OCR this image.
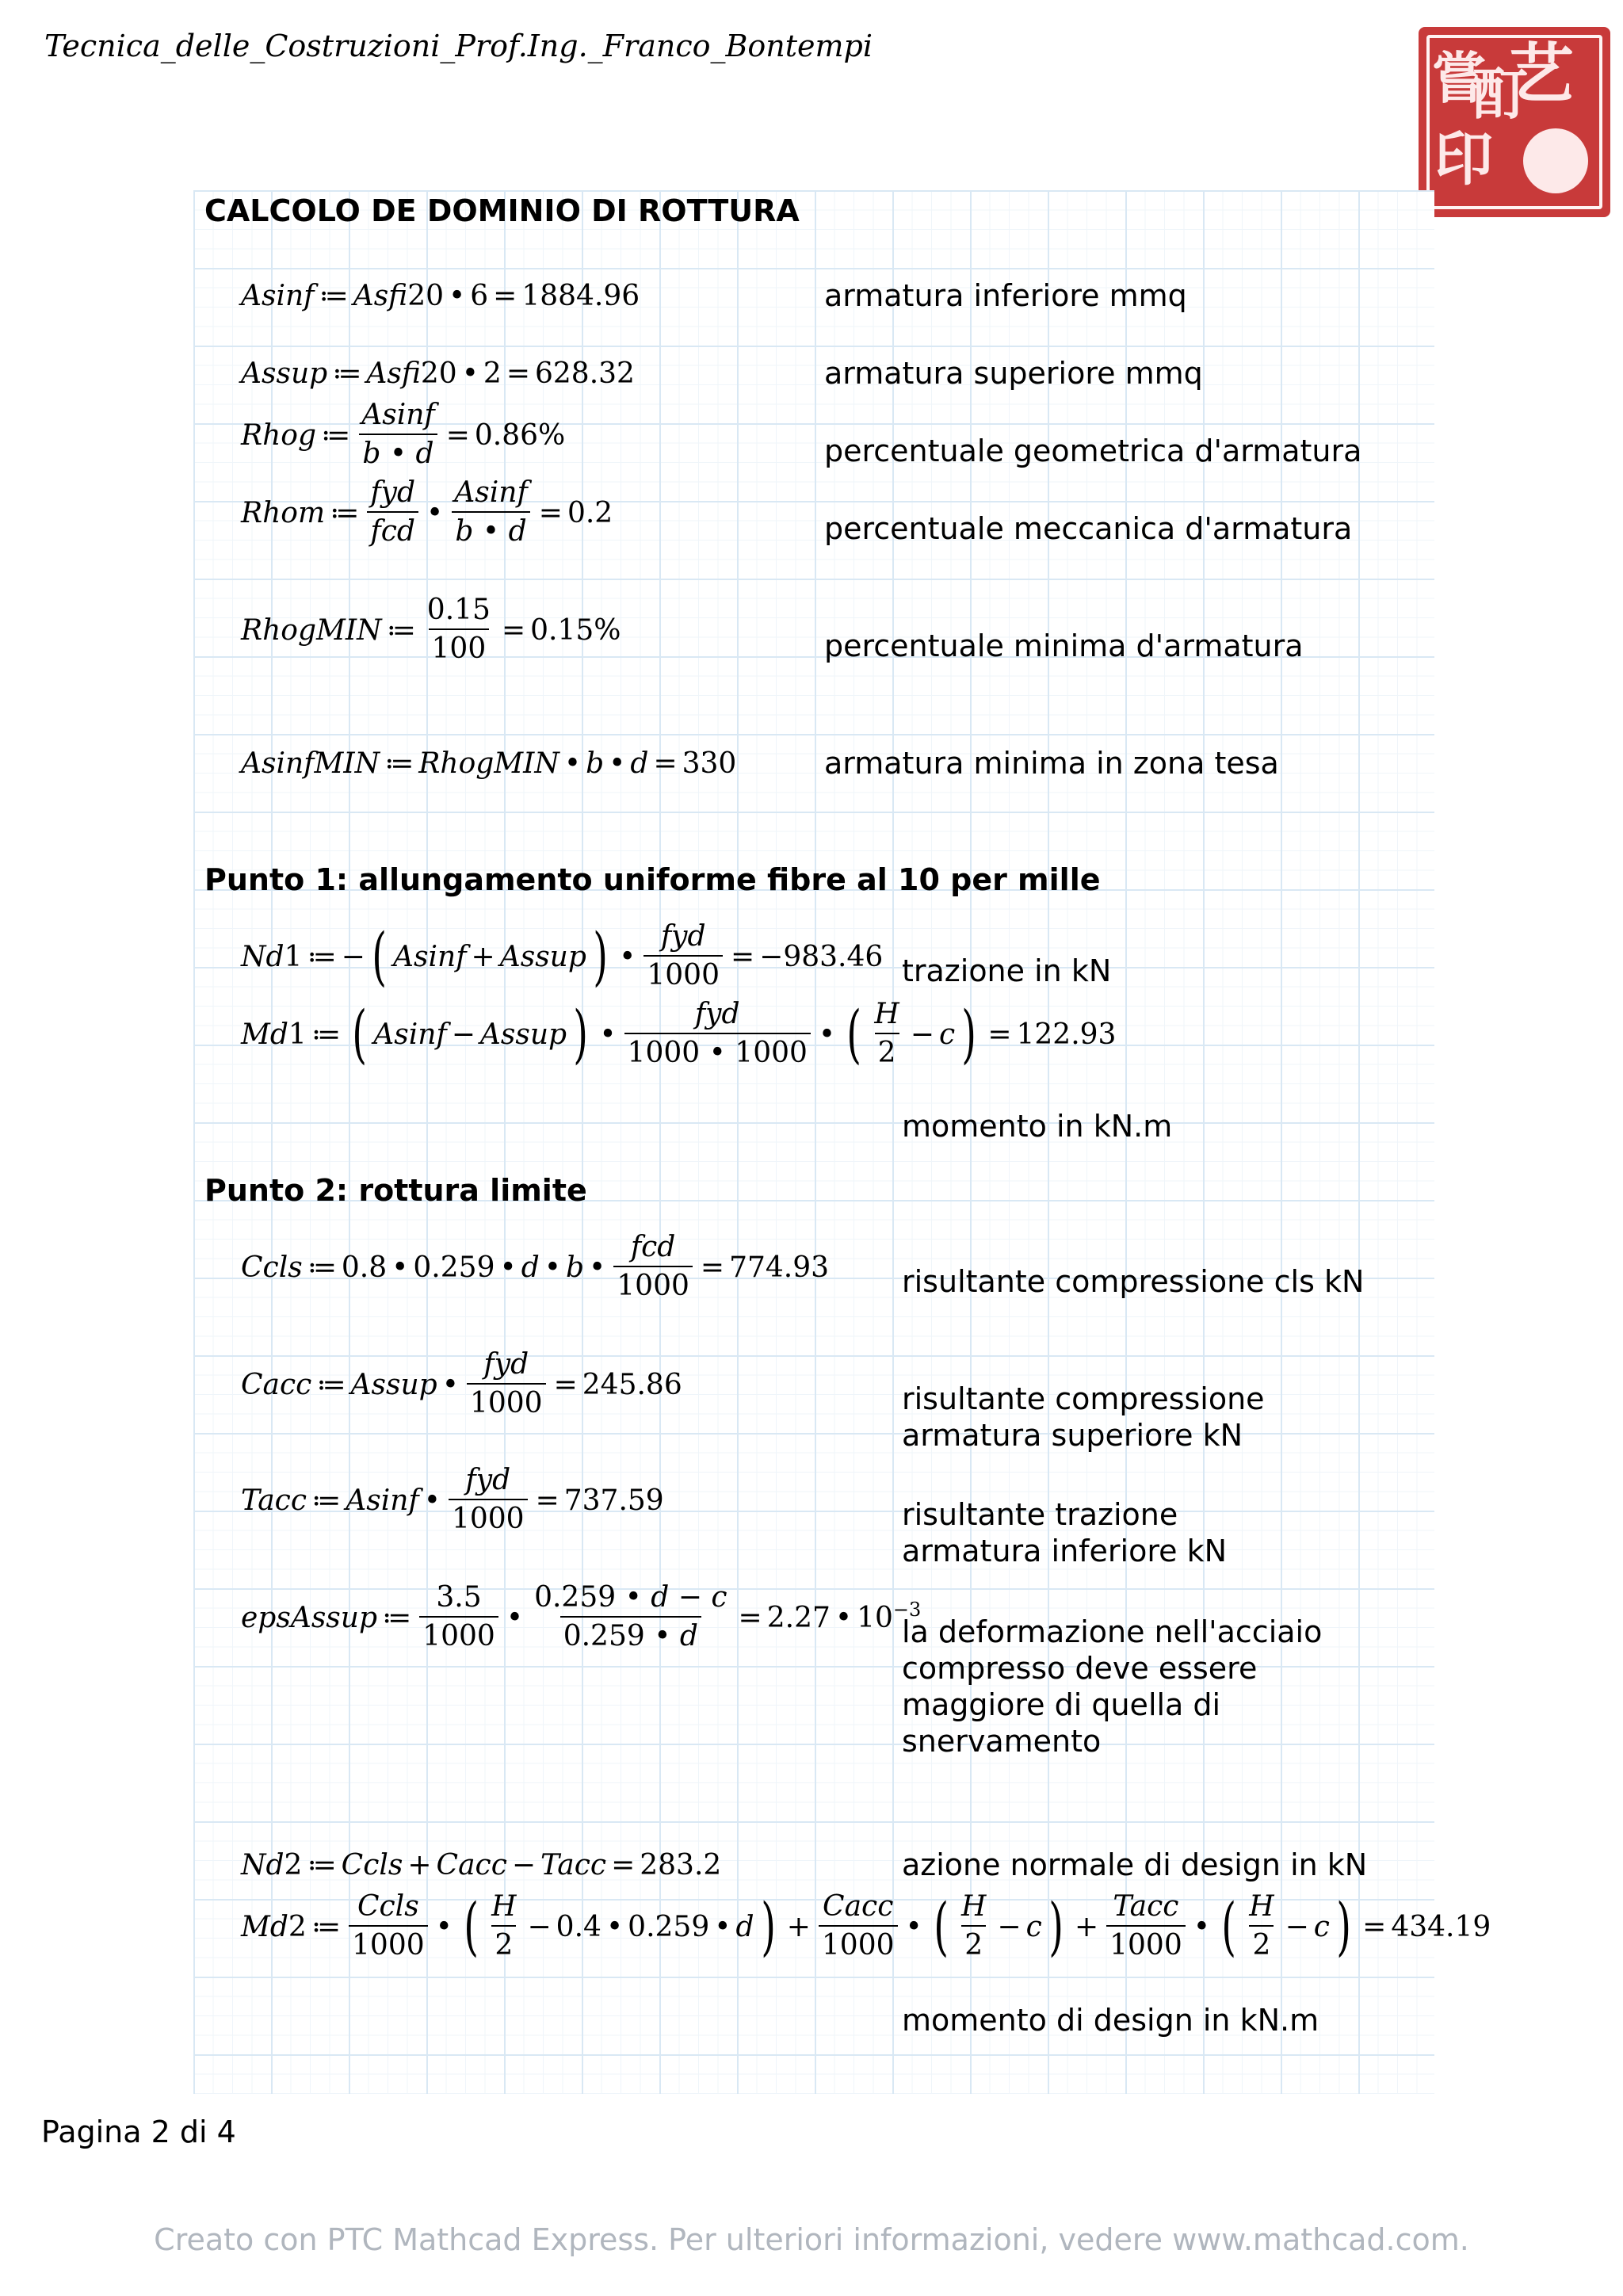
Tecnica_delle_Costruzioni_Prof.Ing._Franco_Bontempi	艺
酊
嘗
印
CALCOLO DE DOMINIO DI ROTTURA
Asinf ≔ Asfi 20 • 6 = 1884.96	armatura inferiore mmq
Assup ≔ Asfi 20 • 2 = 628.32	armatura superiore mmq
Rhog ≔ $\frac{Asinf}{b • d} = 0.86\%$	percentuale geometrica d'armatura
Rhom ≔
fyd
fcd
• $\frac{Asinf}{b • d} = 0.2$	percentuale meccanica d'armatura
RhogMIN ≔ $\frac{0.15}{100} = 0.15\%$	percentuale minima d'armatura
AsinfMIN ≔ RhogMIN • b • d = 330	armatura minima in zona tesa
Punto 1: allungamento uniforme fibre al 10 per mille
Nd 1 ≔ − ( Asinf + Assup ) •
fyd
1000
= −983.46 trazione in kN
Md 1 ≔ ( Asinf − Assup ) •
fyd
1000 • 1000
• ( H
2
− c ) = 122.93
momento in kN.m
Punto 2: rottura limite
Ccls ≔ 0.8 • 0.259 • d • b •
fcd
1000
= 774.93 risultante compressione cls kN
Cacc ≔ Assup •
fyd
1000
= 245.86	risultante compressione
armatura superiore kN
Tacc ≔ Asinf •
fyd
1000
= 737.59	risultante trazione
armatura inferiore kN
epsAssup ≔
3.5
1000
• $\frac{0.259 • d - c}{0.259 • d} = 2.27$ • $10^{-3}$
la deformazione nell'acciaio
compresso deve essere
maggiore di quella di
snervamento
Nd 2 ≔ Ccls + Cacc − Tacc = 283.2	azione normale di design in kN
Md 2 ≔
Ccls
1000
• ( H
2
− 0.4 • 0.259 • d ) +
Cacc
1000
• ( H
2
− c ) +
Tacc
1000
• ( H
2
− c ) = 434.19
momento di design in kN.m
Pagina 2 di 4
Creato con PTC Mathcad Express. Per ulteriori informazioni, vedere www.mathcad.com.
